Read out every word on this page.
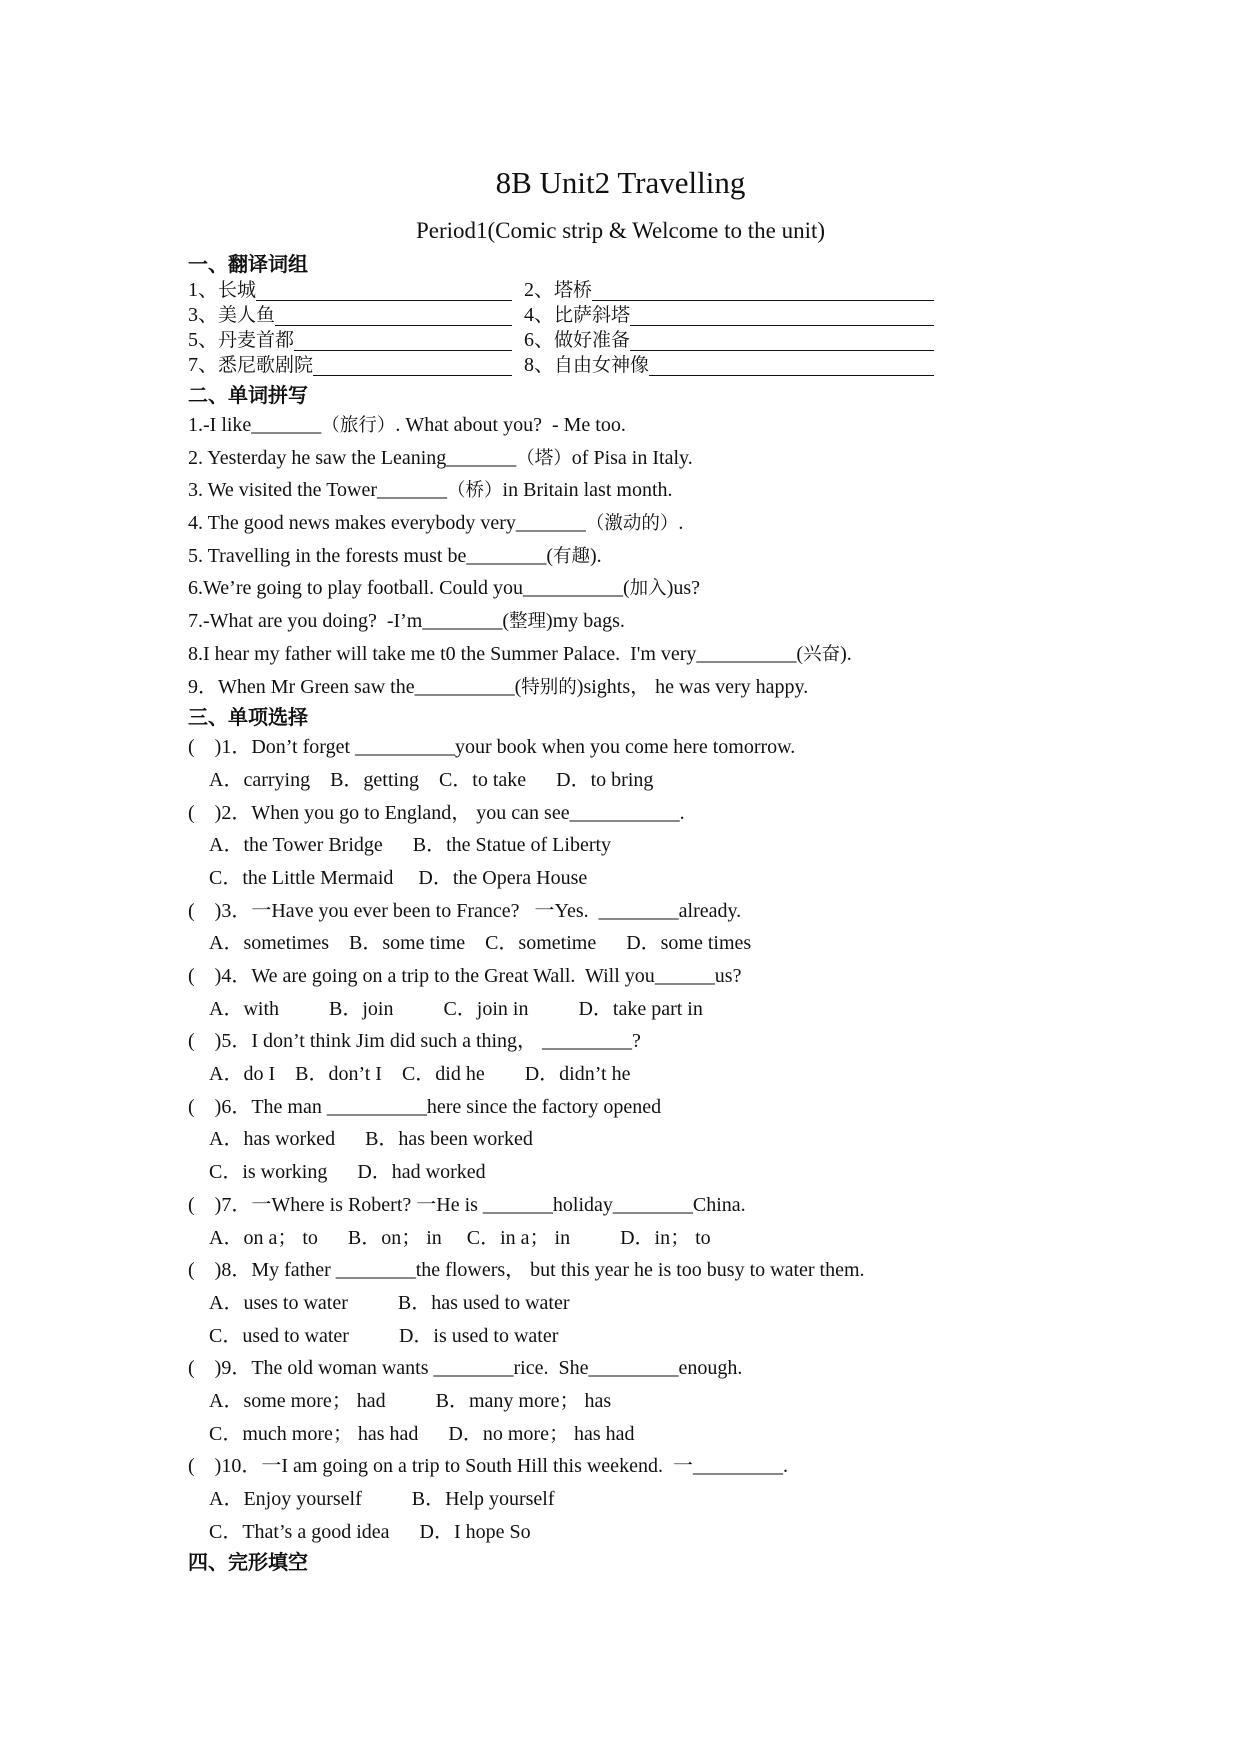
8B Unit2 Travelling
Period1(Comic strip & Welcome to the unit)
一、翻译词组
1、 长城	2、 塔桥
3、 美人鱼	4、 比萨斜塔
5、 丹麦首都	6、 做好准备
7、 悉尼歌剧院	8、 自由女神像
二、单词拼写
1.-I like_______（旅行）. What about you?  - Me too.
2. Yesterday he saw the Leaning_______（塔）of Pisa in Italy.
3. We visited the Tower_______（桥）in Britain last month.
4. The good news makes everybody very_______（激动的）.
5. Travelling in the forests must be________(有趣).
6.We’re going to play football. Could you__________(加入)us?
7.-What are you doing?  -I’m________(整理)my bags.
8.I hear my father will take me t0 the Summer Palace.  I'm very__________(兴奋).
9．When Mr Green saw the__________(特别的)sights， he was very happy.
三、单项选择
(    )1．Don’t forget __________your book when you come here tomorrow.
A．carrying    B．getting    C．to take      D．to bring
(    )2．When you go to England， you can see___________.
A．the Tower Bridge      B．the Statue of Liberty
C．the Little Mermaid     D．the Opera House
(    )3．一Have you ever been to France?   一Yes.  ________already.
A．sometimes    B．some time    C．sometime      D．some times
(    )4．We are going on a trip to the Great Wall.  Will you______us?
A．with          B．join          C．join in          D．take part in
(    )5．I don’t think Jim did such a thing， _________?
A．do I    B．don’t I    C．did he        D．didn’t he
(    )6．The man __________here since the factory opened
A．has worked      B．has been worked
C．is working      D．had worked
(    )7．一Where is Robert? 一He is _______holiday________China.
A．on a； to      B．on； in     C．in a； in          D．in； to
(    )8．My father ________the flowers， but this year he is too busy to water them.
A．uses to water          B．has used to water
C．used to water          D．is used to water
(    )9．The old woman wants ________rice.  She_________enough.
A．some more； had          B．many more； has
C．much more； has had      D．no more； has had
(    )10．一I am going on a trip to South Hill this weekend.  一_________.
A．Enjoy yourself          B．Help yourself
C．That’s a good idea      D．I hope So
四、完形填空
